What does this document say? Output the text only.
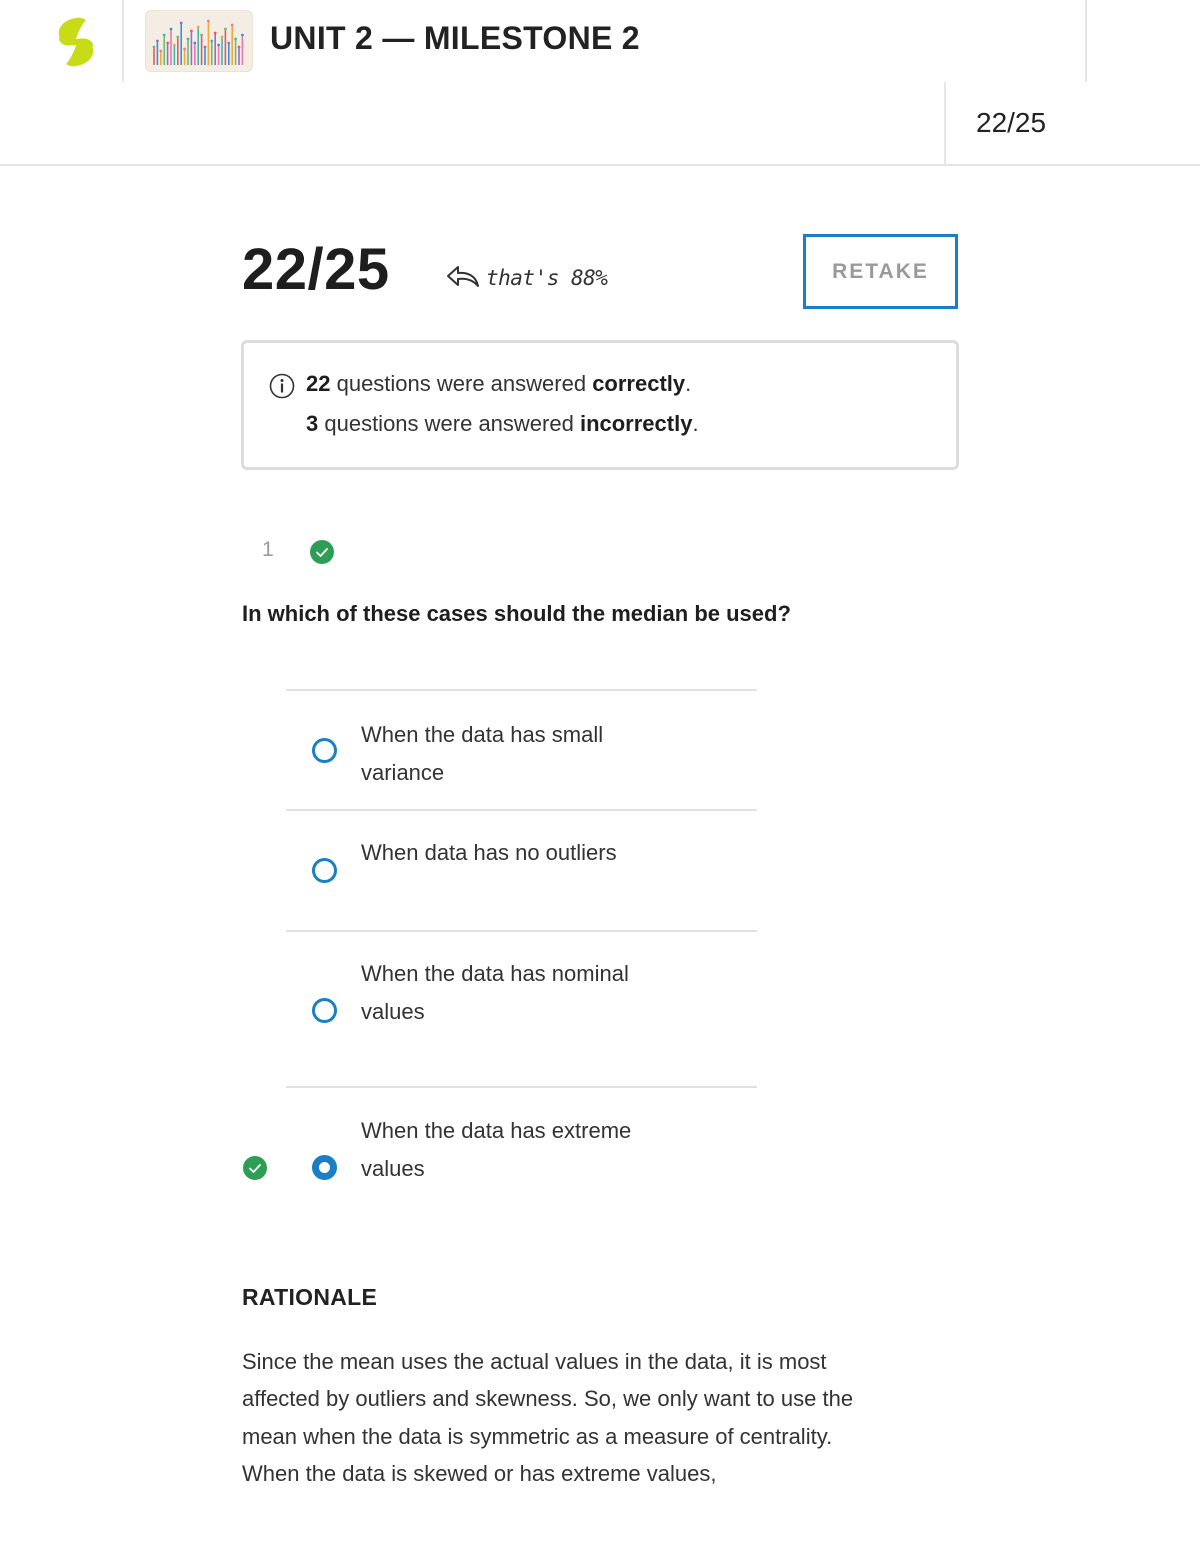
UNIT 2 — MILESTONE 2
22/25
22/25	that's 88%	RETAKE
22 questions were answered correctly.
3 questions were answered incorrectly.
1
In which of these cases should the median be used?
When the data has small variance
When data has no outliers
When the data has nominal values
When the data has extreme values
RATIONALE
Since the mean uses the actual values in the data, it is most
affected by outliers and skewness. So, we only want to use the
mean when the data is symmetric as a measure of centrality.
When the data is skewed or has extreme values,
